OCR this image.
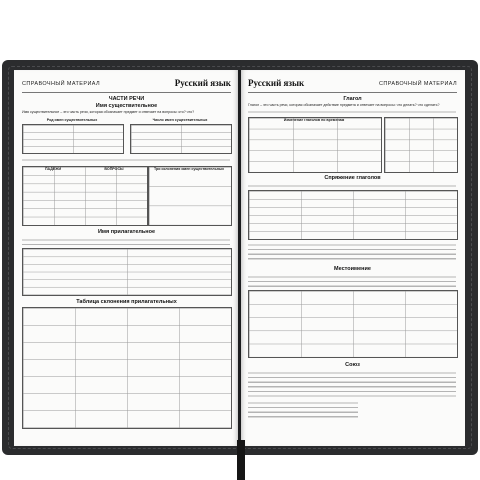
СПРАВОЧНЫЙ МАТЕРИАЛ	Русский язык
ЧАСТИ РЕЧИ
Имя существительное
Имя существительное – это часть речи, которая обозначает предмет и отвечает на вопросы: кто? что?
Род имен существительных	Число имен существительных
ПАДЕЖИ	ВОПРОСЫ	Три склонения имен существительных
Имя прилагательное
Таблица склонения прилагательных
Русский язык	СПРАВОЧНЫЙ МАТЕРИАЛ
Глагол
Глагол – это часть речи, которая обозначает действие предмета и отвечает на вопросы: что делать? что сделать?
Изменение глаголов по временам
Спряжение глаголов
Местоимение
Союз
